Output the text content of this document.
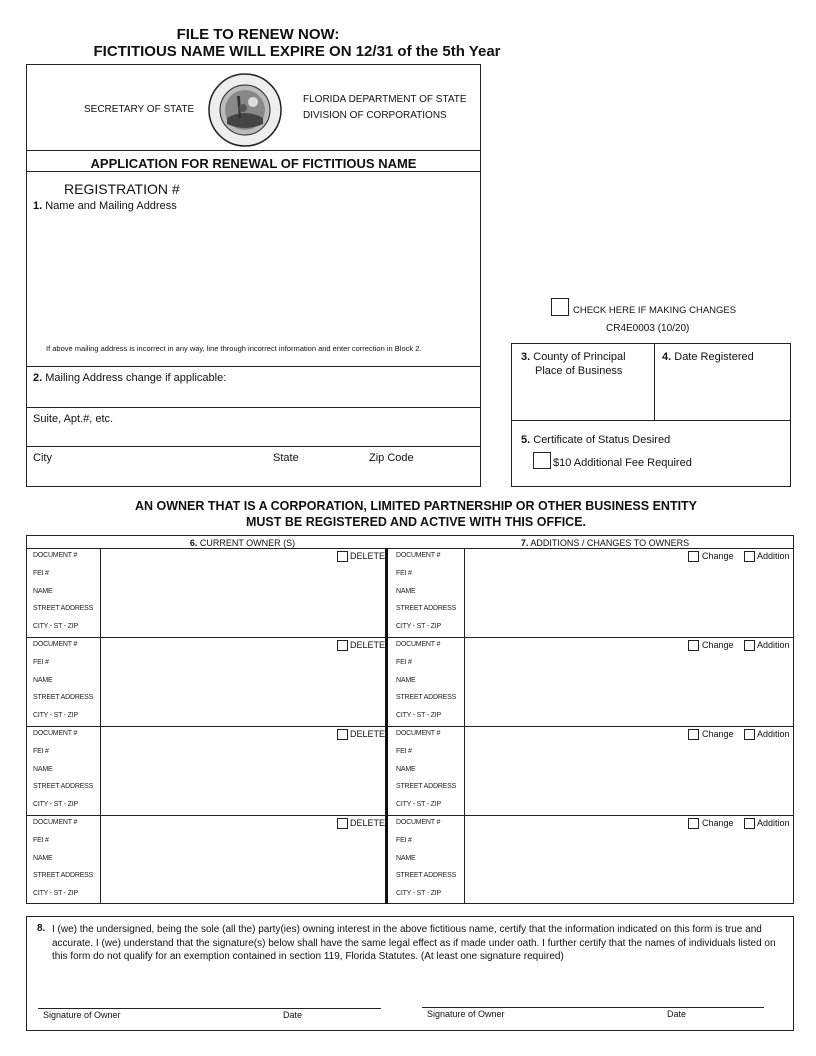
FILE TO RENEW NOW:
FICTITIOUS NAME WILL EXPIRE ON 12/31 of the 5th Year
SECRETARY OF STATE
FLORIDA DEPARTMENT OF STATE
DIVISION OF CORPORATIONS
APPLICATION FOR RENEWAL OF FICTITIOUS NAME
REGISTRATION #
1. Name and Mailing Address
If above mailing address is incorrect in any way, line through incorrect information and enter correction in Block 2.
2. Mailing Address change if applicable:
Suite, Apt.#, etc.
City	State	Zip Code
CHECK HERE IF MAKING CHANGES
CR4E0003 (10/20)
3. County of Principal
Place of Business
4. Date Registered
5. Certificate of Status Desired
$10 Additional Fee Required
AN OWNER THAT IS A CORPORATION, LIMITED PARTNERSHIP OR OTHER BUSINESS ENTITY
MUST BE REGISTERED AND ACTIVE WITH THIS OFFICE.
6. CURRENT OWNER (S)	7. ADDITIONS / CHANGES TO OWNERS
DOCUMENT #	DOCUMENT #
FEI #	FEI #
NAME	NAME
STREET ADDRESS	STREET ADDRESS
CITY - ST - ZIP	CITY - ST - ZIP
DELETE	Change	Addition
DOCUMENT #	DOCUMENT #
FEI #	FEI #
NAME	NAME
STREET ADDRESS	STREET ADDRESS
CITY - ST - ZIP	CITY - ST - ZIP
DELETE	Change	Addition
DOCUMENT #	DOCUMENT #
FEI #	FEI #
NAME	NAME
STREET ADDRESS	STREET ADDRESS
CITY - ST - ZIP	CITY - ST - ZIP
DELETE	Change	Addition
DOCUMENT #	DOCUMENT #
FEI #	FEI #
NAME	NAME
STREET ADDRESS	STREET ADDRESS
CITY - ST - ZIP	CITY - ST - ZIP
DELETE	Change	Addition
8. I (we) the undersigned, being the sole (all the) party(ies) owning interest in the above fictitious name, certify that the information indicated on this form is true and accurate. I (we) understand that the signature(s) below shall have the same legal effect as if made under oath. I further certify that the names of individuals listed on this form do not qualify for an exemption contained in section 119, Florida Statutes. (At least one signature required)
Signature of Owner	Date	Signature of Owner	Date
